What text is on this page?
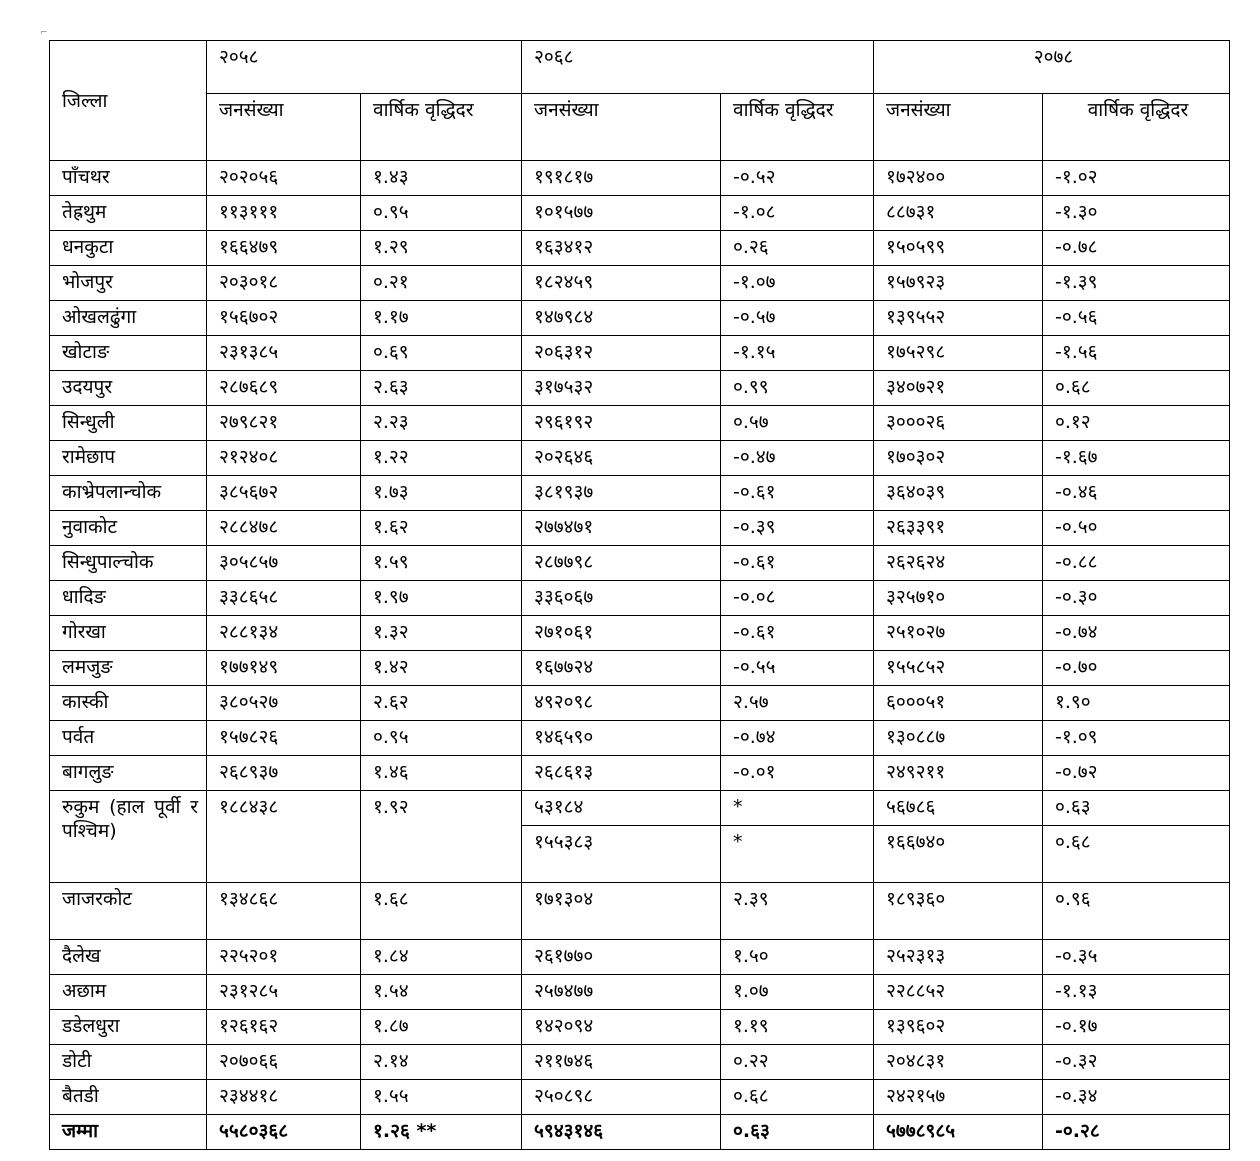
⌐
जिल्ला	२०५८		२०६८		२०७८	
	जनसंख्या	वार्षिक वृद्धिदर	जनसंख्या	वार्षिक वृद्धिदर	जनसंख्या	वार्षिक वृद्धिदर
पाँचथर	२०२०५६	१.४३	१९१८१७	-०.५२	१७२४००	-१.०२
तेह्रथुम	११३१११	०.९५	१०१५७७	-१.०८	८८७३१	-१.३०
धनकुटा	१६६४७९	१.२९	१६३४१२	०.२६	१५०५९९	-०.७८
भोजपुर	२०३०१८	०.२१	१८२४५९	-१.०७	१५७९२३	-१.३९
ओखलढुंगा	१५६७०२	१.१७	१४७९८४	-०.५७	१३९५५२	-०.५६
खोटाङ	२३१३८५	०.६९	२०६३१२	-१.१५	१७५२९८	-१.५६
उदयपुर	२८७६८९	२.६३	३१७५३२	०.९९	३४०७२१	०.६८
सिन्धुली	२७९८२१	२.२३	२९६१९२	०.५७	३०००२६	०.१२
रामेछाप	२१२४०८	१.२२	२०२६४६	-०.४७	१७०३०२	-१.६७
काभ्रेपलान्चोक	३८५६७२	१.७३	३८१९३७	-०.६१	३६४०३९	-०.४६
नुवाकोट	२८८४७८	१.६२	२७७४७१	-०.३९	२६३३९१	-०.५०
सिन्धुपाल्चोक	३०५८५७	१.५९	२८७७९८	-०.६१	२६२६२४	-०.८८
धादिङ	३३८६५८	१.९७	३३६०६७	-०.०८	३२५७१०	-०.३०
गोरखा	२८८१३४	१.३२	२७१०६१	-०.६१	२५१०२७	-०.७४
लमजुङ	१७७१४९	१.४२	१६७७२४	-०.५५	१५५८५२	-०.७०
कास्की	३८०५२७	२.६२	४९२०९८	२.५७	६०००५१	१.९०
पर्वत	१५७८२६	०.९५	१४६५९०	-०.७४	१३०८८७	-१.०९
बागलुङ	२६८९३७	१.४६	२६८६१३	-०.०१	२४९२११	-०.७२
रुकुम (हाल पूर्वी र पश्चिम)	१८८४३८	१.९२	५३१८४	*	५६७८६	०.६३
			१५५३८३	*	१६६७४०	०.६८
जाजरकोट	१३४८६८	१.६८	१७१३०४	२.३९	१८९३६०	०.९६
दैलेख	२२५२०१	१.८४	२६१७७०	१.५०	२५२३१३	-०.३५
अछाम	२३१२८५	१.५४	२५७४७७	१.०७	२२८८५२	-१.१३
डडेलधुरा	१२६१६२	१.८७	१४२०९४	१.१९	१३९६०२	-०.१७
डोटी	२०७०६६	२.१४	२११७४६	०.२२	२०४८३१	-०.३२
बैतडी	२३४४१८	१.५५	२५०८९८	०.६८	२४२१५७	-०.३४
जम्मा	५५८०३६८	१.२६ **	५९४३१४६	०.६३	५७७८९८५	-०.२८
